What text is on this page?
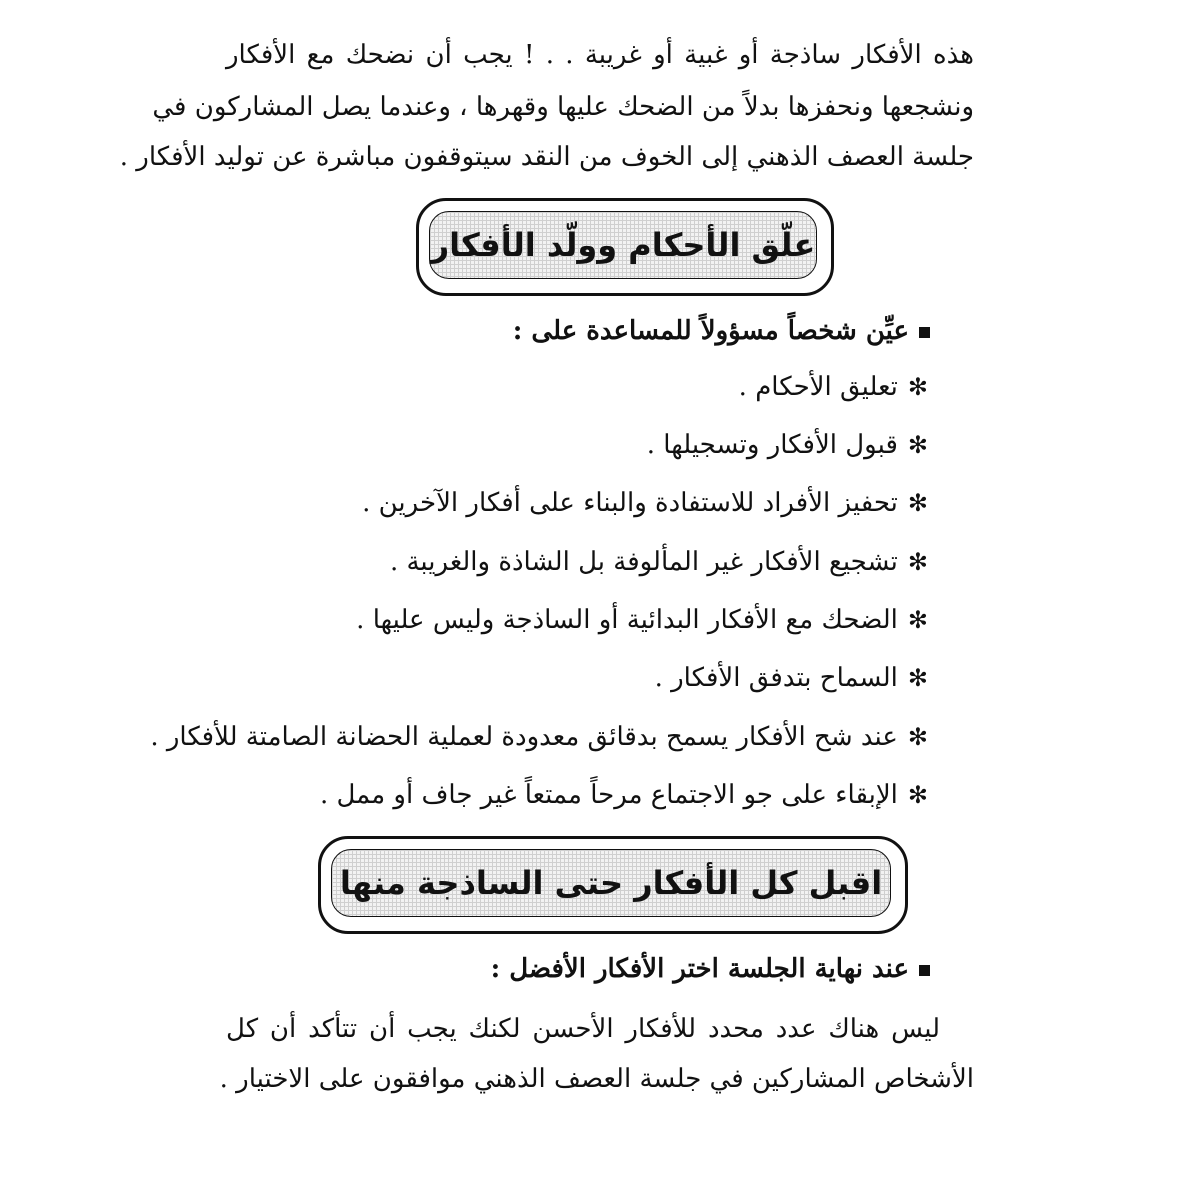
هذه الأفكار ساذجة أو غبية أو غريبة . . ! يجب أن نضحك مع الأفكار
ونشجعها ونحفزها بدلاً من الضحك عليها وقهرها ، وعندما يصل المشاركون في
جلسة العصف الذهني إلى الخوف من النقد سيتوقفون مباشرة عن توليد الأفكار .
علّق الأحكام وولّد الأفكار
عيِّن شخصاً مسؤولاً للمساعدة على :
✻تعليق الأحكام .
✻قبول الأفكار وتسجيلها .
✻تحفيز الأفراد للاستفادة والبناء على أفكار الآخرين .
✻تشجيع الأفكار غير المألوفة بل الشاذة والغريبة .
✻الضحك مع الأفكار البدائية أو الساذجة وليس عليها .
✻السماح بتدفق الأفكار .
✻عند شح الأفكار يسمح بدقائق معدودة لعملية الحضانة الصامتة للأفكار .
✻الإبقاء على جو الاجتماع مرحاً ممتعاً غير جاف أو ممل .
اقبل كل الأفكار حتى الساذجة منها
عند نهاية الجلسة اختر الأفكار الأفضل :
ليس هناك عدد محدد للأفكار الأحسن لكنك يجب أن تتأكد أن كل
الأشخاص المشاركين في جلسة العصف الذهني موافقون على الاختيار .
